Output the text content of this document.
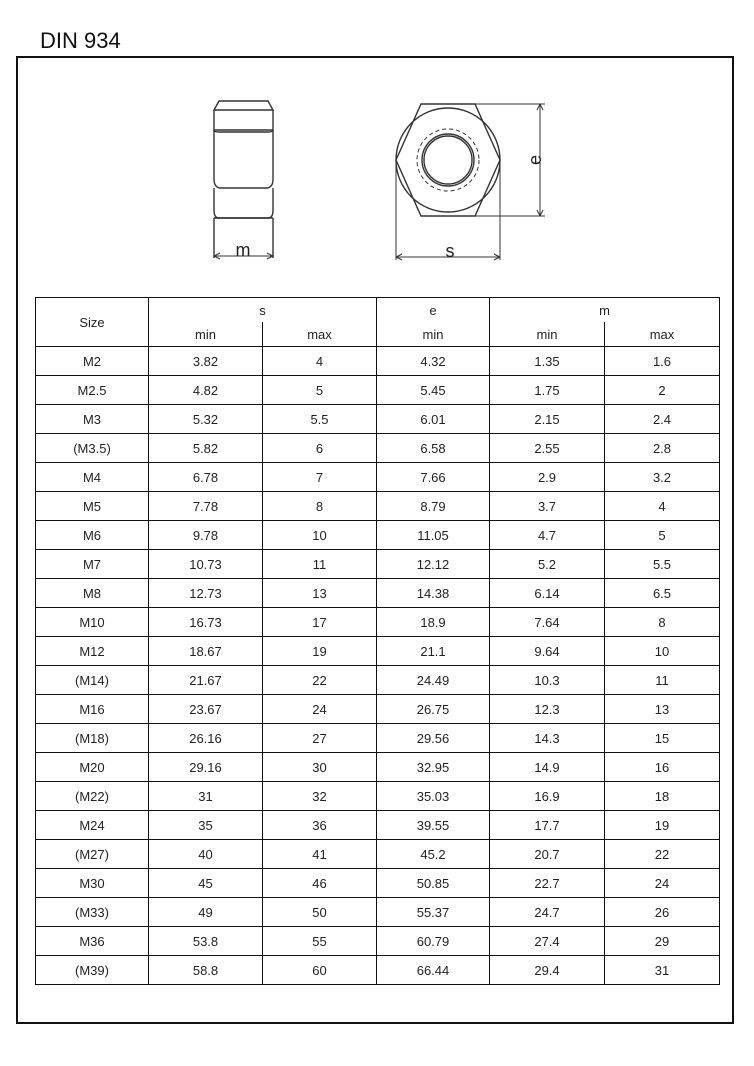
DIN 934
m	s
e
Size	s		e	m	
	min	max	min	min	max
M2	3.82	4	4.32	1.35	1.6
M2.5	4.82	5	5.45	1.75	2
M3	5.32	5.5	6.01	2.15	2.4
(M3.5)	5.82	6	6.58	2.55	2.8
M4	6.78	7	7.66	2.9	3.2
M5	7.78	8	8.79	3.7	4
M6	9.78	10	11.05	4.7	5
M7	10.73	11	12.12	5.2	5.5
M8	12.73	13	14.38	6.14	6.5
M10	16.73	17	18.9	7.64	8
M12	18.67	19	21.1	9.64	10
(M14)	21.67	22	24.49	10.3	11
M16	23.67	24	26.75	12.3	13
(M18)	26.16	27	29.56	14.3	15
M20	29.16	30	32.95	14.9	16
(M22)	31	32	35.03	16.9	18
M24	35	36	39.55	17.7	19
(M27)	40	41	45.2	20.7	22
M30	45	46	50.85	22.7	24
(M33)	49	50	55.37	24.7	26
M36	53.8	55	60.79	27.4	29
(M39)	58.8	60	66.44	29.4	31
